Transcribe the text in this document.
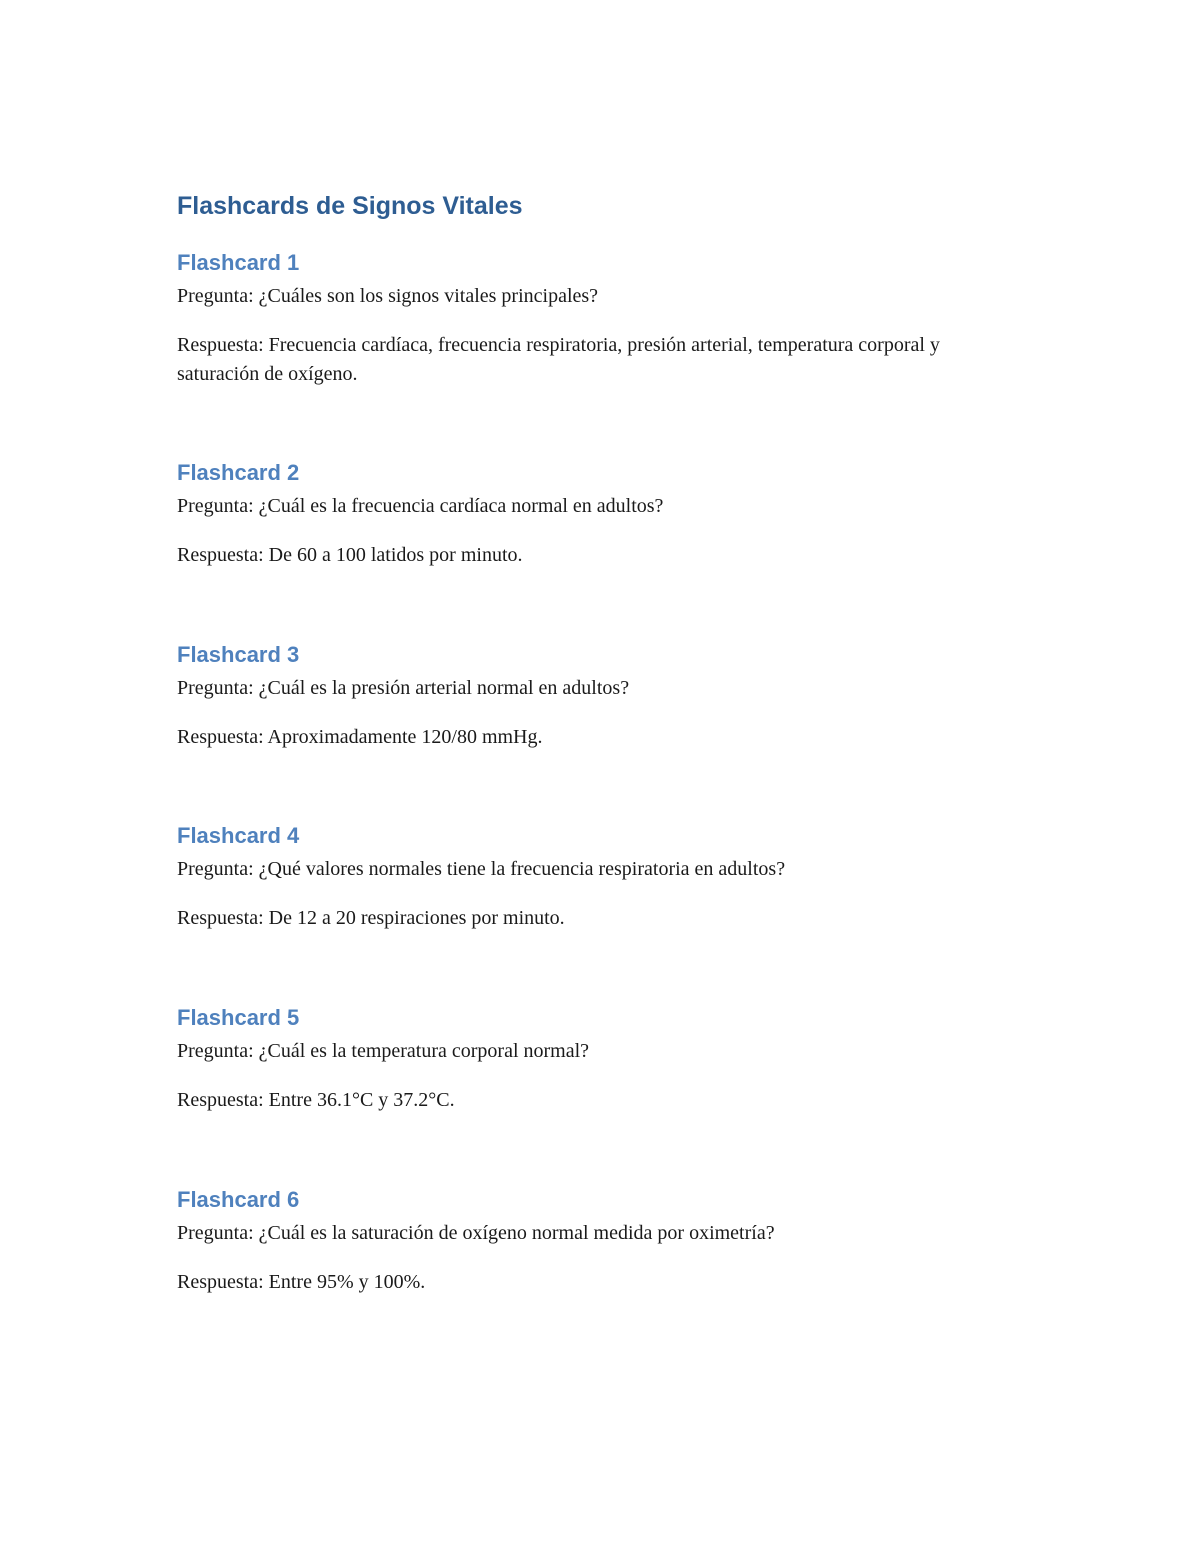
Flashcards de Signos Vitales
Flashcard 1

Pregunta: ¿Cuáles son los signos vitales principales?

Respuesta: Frecuencia cardíaca, frecuencia respiratoria, presión arterial, temperatura corporal y saturación de oxígeno.

Flashcard 2

Pregunta: ¿Cuál es la frecuencia cardíaca normal en adultos?

Respuesta: De 60 a 100 latidos por minuto.

Flashcard 3

Pregunta: ¿Cuál es la presión arterial normal en adultos?

Respuesta: Aproximadamente 120/80 mmHg.

Flashcard 4

Pregunta: ¿Qué valores normales tiene la frecuencia respiratoria en adultos?

Respuesta: De 12 a 20 respiraciones por minuto.

Flashcard 5

Pregunta: ¿Cuál es la temperatura corporal normal?

Respuesta: Entre 36.1°C y 37.2°C.

Flashcard 6

Pregunta: ¿Cuál es la saturación de oxígeno normal medida por oximetría?

Respuesta: Entre 95% y 100%.
